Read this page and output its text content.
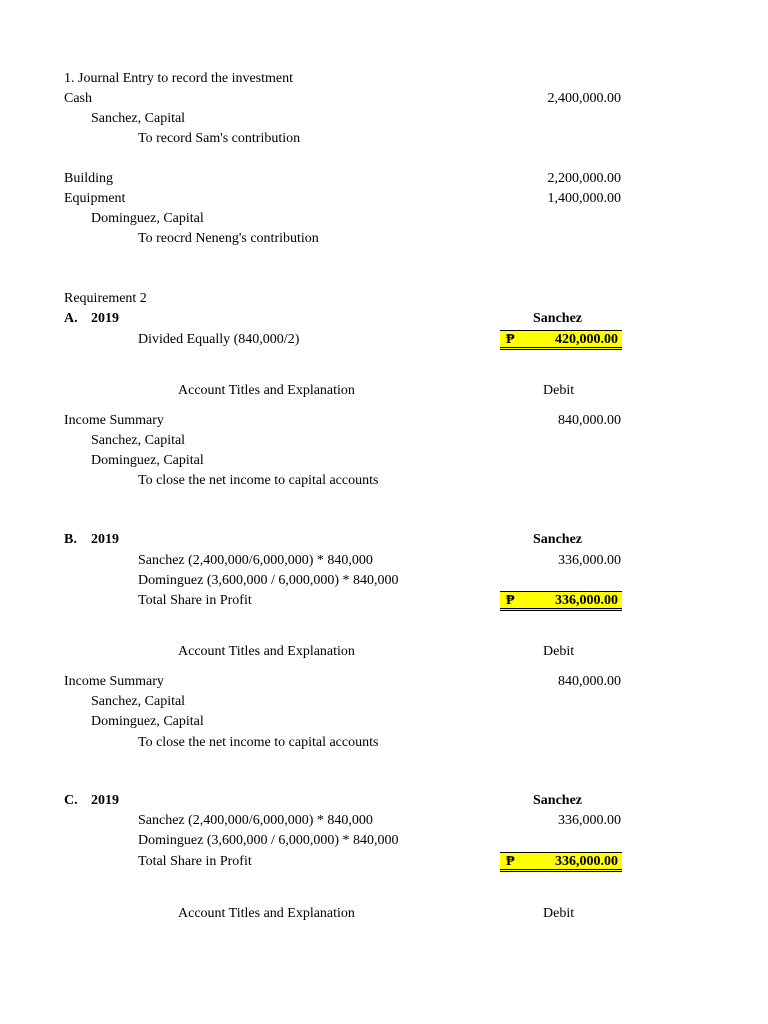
1. Journal Entry to record the investment
Cash	2,400,000.00
Sanchez, Capital
To record Sam's contribution
Building	2,200,000.00
Equipment	1,400,000.00
Dominguez, Capital
To reocrd Neneng's contribution
Requirement 2
A. 2019	Sanchez
Divided Equally (840,000/2)	₱	420,000.00
Account Titles and Explanation	Debit
Income Summary	840,000.00
Sanchez, Capital
Dominguez, Capital
To close the net income to capital accounts
B. 2019	Sanchez
Sanchez (2,400,000/6,000,000) * 840,000	336,000.00
Dominguez (3,600,000 / 6,000,000) * 840,000
Total Share in Profit	₱	336,000.00
Account Titles and Explanation	Debit
Income Summary	840,000.00
Sanchez, Capital
Dominguez, Capital
To close the net income to capital accounts
C. 2019	Sanchez
Sanchez (2,400,000/6,000,000) * 840,000	336,000.00
Dominguez (3,600,000 / 6,000,000) * 840,000
Total Share in Profit	₱	336,000.00
Account Titles and Explanation	Debit
